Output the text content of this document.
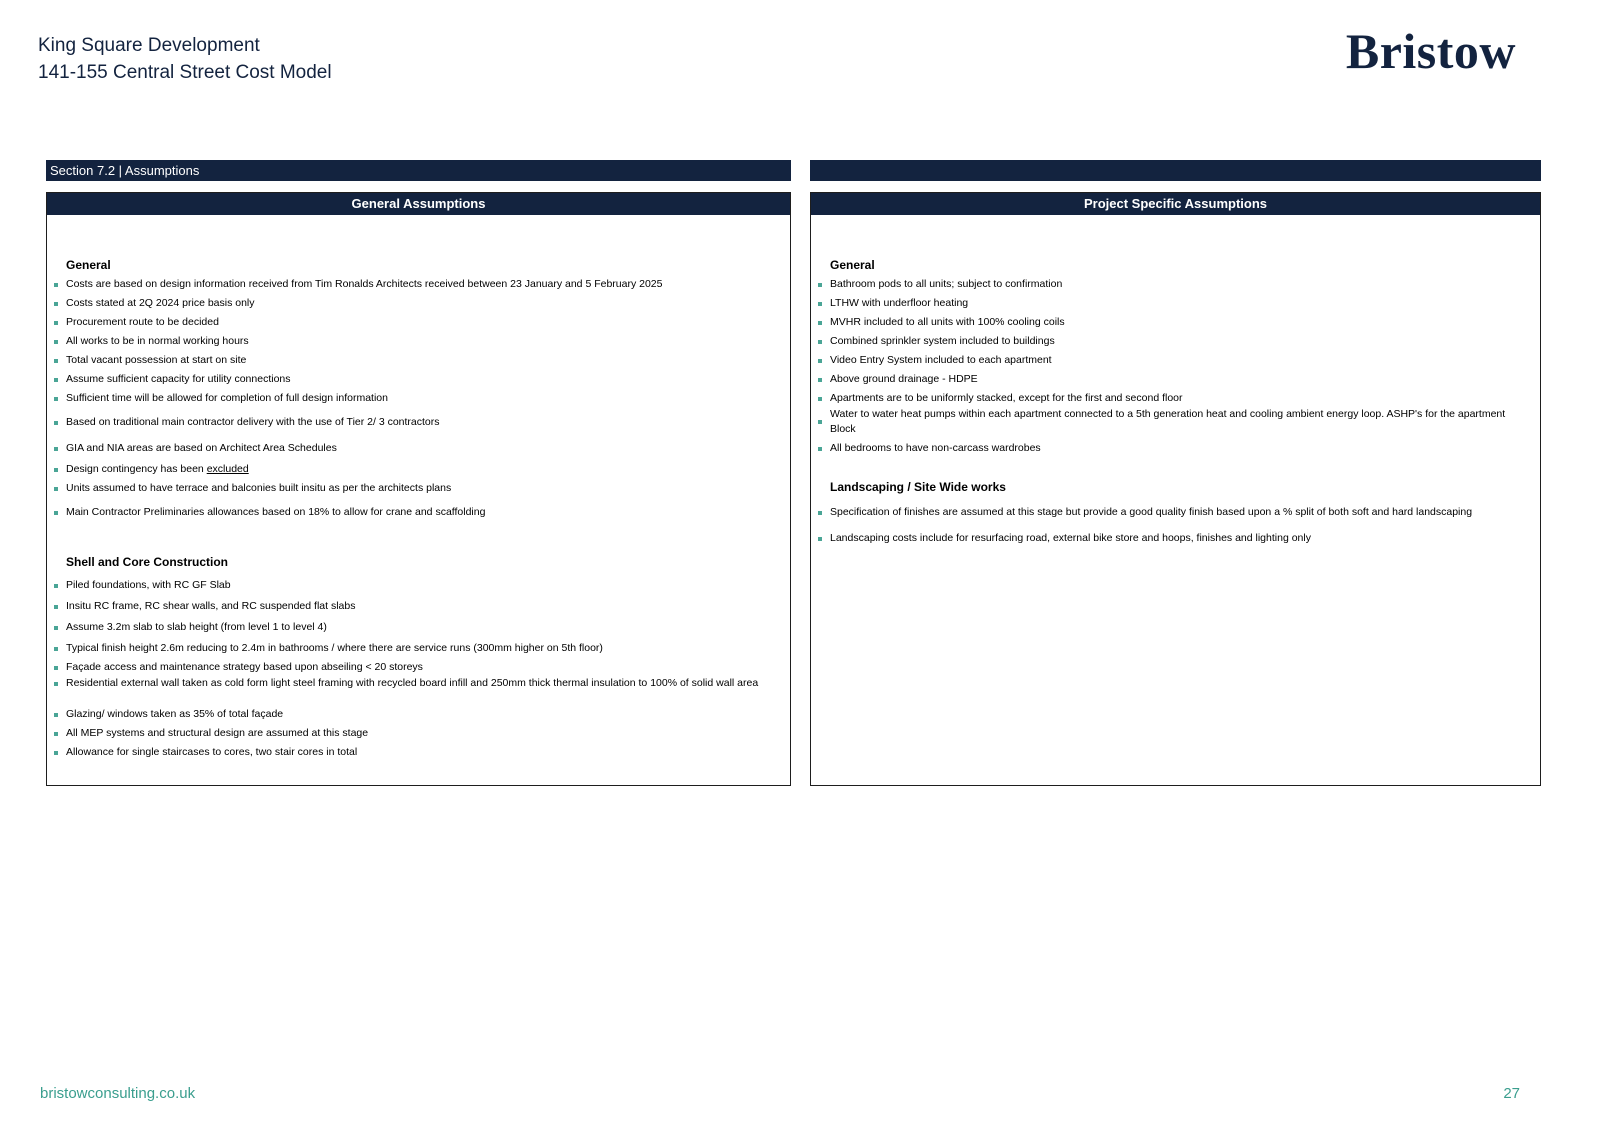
King Square Development
141-155 Central Street Cost Model	Bristow
Section 7.2 | Assumptions
General Assumptions
General
Costs are based on design information received from Tim Ronalds Architects received between 23 January and 5 February 2025
Costs stated at 2Q 2024 price basis only
Procurement route to be decided
All works to be in normal working hours
Total vacant possession at start on site
Assume sufficient capacity for utility connections
Sufficient time will be allowed for completion of full design information
Based on traditional main contractor delivery with the use of Tier 2/ 3 contractors
GIA and NIA areas are based on Architect Area Schedules
Design contingency has been excluded
Units assumed to have terrace and balconies built insitu as per the architects plans
Main Contractor Preliminaries allowances based on 18% to allow for crane and scaffolding
Shell and Core Construction
Piled foundations, with RC GF Slab
Insitu RC frame, RC shear walls, and RC suspended flat slabs
Assume 3.2m slab to slab height (from level 1 to level 4)
Typical finish height 2.6m reducing to 2.4m in bathrooms / where there are service runs (300mm higher on 5th floor)
Façade access and maintenance strategy based upon abseiling < 20 storeys
Residential external wall taken as cold form light steel framing with recycled board infill and 250mm thick thermal insulation to 100% of solid wall area
Glazing/ windows taken as 35% of total façade
All MEP systems and structural design are assumed at this stage
Allowance for single staircases to cores, two stair cores in total
Project Specific Assumptions
General
Bathroom pods to all units; subject to confirmation
LTHW with underfloor heating
MVHR included to all units with 100% cooling coils
Combined sprinkler system included to buildings
Video Entry System included to each apartment
Above ground drainage - HDPE
Apartments are to be uniformly stacked, except for the first and second floor
Water to water heat pumps within each apartment connected to a 5th generation heat and cooling ambient energy loop. ASHP's for the apartment Block
All bedrooms to have non-carcass wardrobes
Landscaping / Site Wide works
Specification of finishes are assumed at this stage but provide a good quality finish based upon a % split of both soft and hard landscaping
Landscaping costs include for resurfacing road, external bike store and hoops, finishes and lighting only
bristowconsulting.co.uk	27
